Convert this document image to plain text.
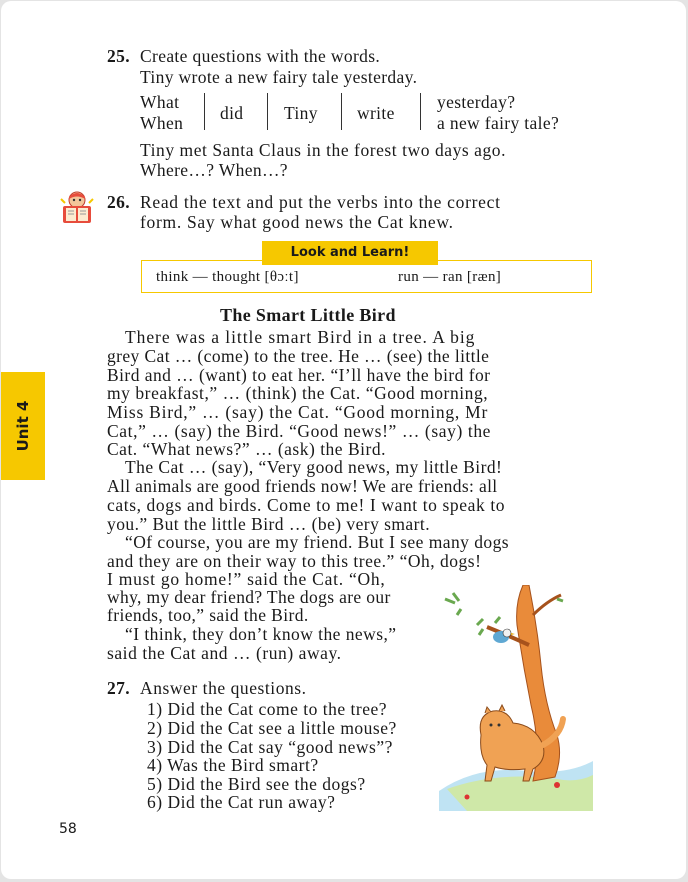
Unit 4
25. Create questions with the words.
Tiny wrote a new fairy tale yesterday.
What
When did Tiny write
yesterday?
a new fairy tale?
Tiny met Santa Claus in the forest two days ago.
Where…? When…?
26. Read the text and put the verbs into the correct
form. Say what good news the Cat knew.
Look and Learn!
think — thought [θɔːt]	run — ran [ræn]
The Smart Little Bird
There was a little smart Bird in a tree. A big
grey Cat … (come) to the tree. He … (see) the little
Bird and … (want) to eat her. “I’ll have the bird for
my breakfast,” … (think) the Cat. “Good morning,
Miss Bird,” … (say) the Cat. “Good morning, Mr
Cat,” … (say) the Bird. “Good news!” … (say) the
Cat. “What news?” … (ask) the Bird.
The Cat … (say), “Very good news, my little Bird!
All animals are good friends now! We are friends: all
cats, dogs and birds. Come to me! I want to speak to
you.” But the little Bird … (be) very smart.
“Of course, you are my friend. But I see many dogs
and they are on their way to this tree.” “Oh, dogs!
I must go home!” said the Cat. “Oh,
why, my dear friend? The dogs are our
friends, too,” said the Bird.
“I think, they don’t know the news,”
said the Cat and … (run) away.
27. Answer the questions.
1) Did the Cat come to the tree?
2) Did the Cat see a little mouse?
3) Did the Cat say “good news”?
4) Was the Bird smart?
5) Did the Bird see the dogs?
6) Did the Cat run away?
58
